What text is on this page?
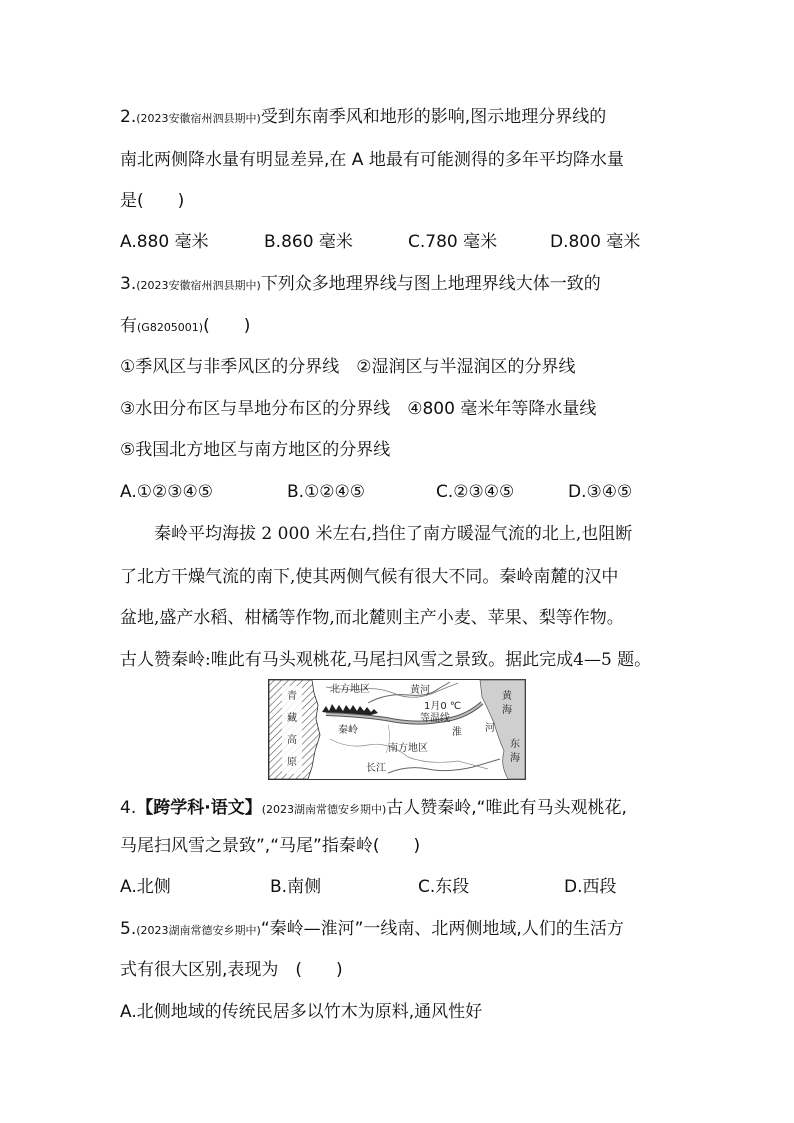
2.(2023安徽宿州泗县期中)受到东南季风和地形的影响,图示地理分界线的
南北两侧降水量有明显差异,在 A 地最有可能测得的多年平均降水量
是(　　)
A.880 毫米	B.860 毫米	C.780 毫米	D.800 毫米
3.(2023安徽宿州泗县期中)下列众多地理界线与图上地理界线大体一致的
有(G8205001)(　　)
①季风区与非季风区的分界线　②湿润区与半湿润区的分界线
③水田分布区与旱地分布区的分界线　④800 毫米年等降水量线
⑤我国北方地区与南方地区的分界线
A.①②③④⑤	B.①②④⑤	C.②③④⑤	D.③④⑤
秦岭平均海拔 2 000 米左右,挡住了南方暖湿气流的北上,也阻断
了北方干燥气流的南下,使其两侧气候有很大不同。秦岭南麓的汉中
盆地,盛产水稻、柑橘等作物,而北麓则主产小麦、苹果、梨等作物。
古人赞秦岭:唯此有马头观桃花,马尾扫风雪之景致。据此完成4—5 题。
青
藏
高
原
北方地区	黄河
1月0 ℃
等温线
秦岭	淮 河
南方地区
长江
黄
海
东
海
4.【跨学科·语文】(2023湖南常德安乡期中)古人赞秦岭,“唯此有马头观桃花,
马尾扫风雪之景致”,“马尾”指秦岭(　　)
A.北侧	B.南侧	C.东段	D.西段
5.(2023湖南常德安乡期中)“秦岭—淮河”一线南、北两侧地域,人们的生活方
式有很大区别,表现为　(　　)
A.北侧地域的传统民居多以竹木为原料,通风性好
